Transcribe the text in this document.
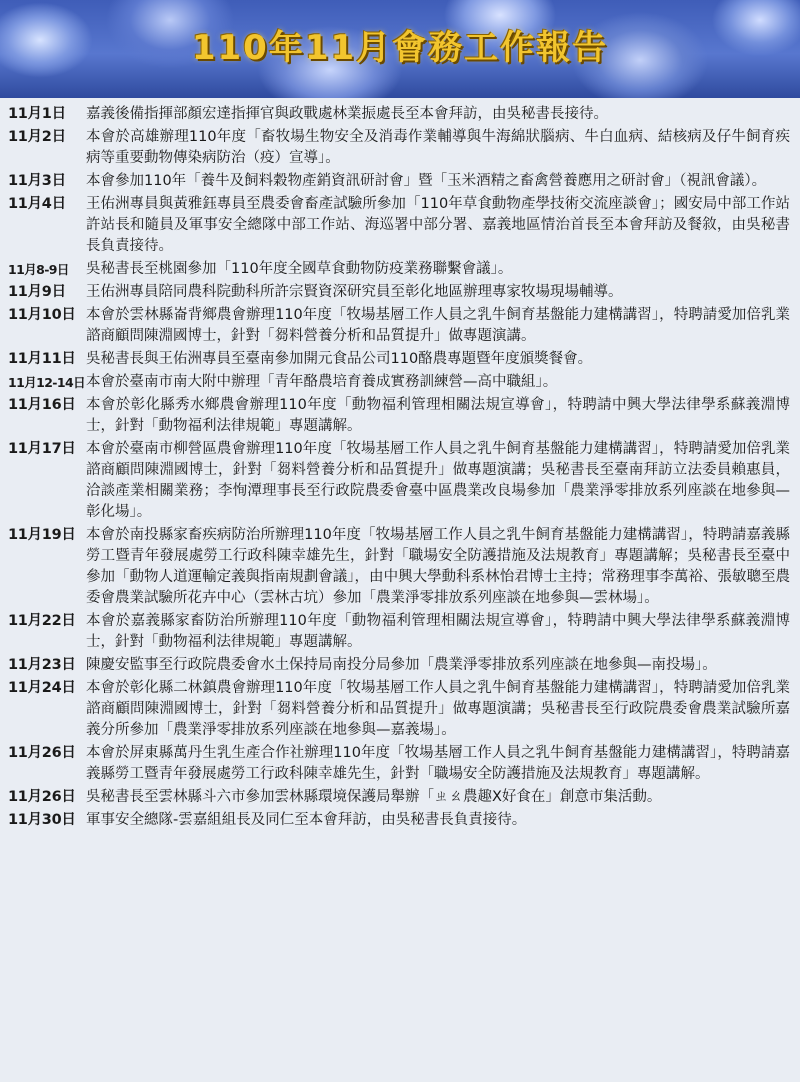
110年11月會務工作報告
11月1日	嘉義後備指揮部顏宏達指揮官與政戰處林業振處長至本會拜訪，由吳秘書長接待。
11月2日	本會於高雄辦理110年度「畜牧場生物安全及消毒作業輔導與牛海綿狀腦病、牛白血病、結核病及仔牛飼育疾病等重要動物傳染病防治（疫）宣導」。
11月3日	本會參加110年「養牛及飼料穀物產銷資訊研討會」暨「玉米酒精之畜禽營養應用之研討會」（視訊會議）。
11月4日	王佑洲專員與黃雅鈺專員至農委會畜產試驗所參加「110年草食動物產學技術交流座談會」；國安局中部工作站許站長和隨員及軍事安全總隊中部工作站、海巡署中部分署、嘉義地區情治首長至本會拜訪及餐敘，由吳秘書長負責接待。
11月8-9日	吳秘書長至桃園參加「110年度全國草食動物防疫業務聯繫會議」。
11月9日	王佑洲專員陪同農科院動科所許宗賢資深研究員至彰化地區辦理專家牧場現場輔導。
11月10日 本會於雲林縣崙背鄉農會辦理110年度「牧場基層工作人員之乳牛飼育基盤能力建構講習」，特聘請愛加倍乳業諮商顧問陳淵國博士，針對「芻料營養分析和品質提升」做專題演講。
11月11日 吳秘書長與王佑洲專員至臺南參加開元食品公司110酪農專題暨年度頒獎餐會。
11月12-14日 本會於臺南市南大附中辦理「青年酪農培育養成實務訓練營—高中職組」。
11月16日 本會於彰化縣秀水鄉農會辦理110年度「動物福利管理相關法規宣導會」，特聘請中興大學法律學系蘇義淵博士，針對「動物福利法律規範」專題講解。
11月17日 本會於臺南市柳營區農會辦理110年度「牧場基層工作人員之乳牛飼育基盤能力建構講習」，特聘請愛加倍乳業諮商顧問陳淵國博士，針對「芻料營養分析和品質提升」做專題演講；吳秘書長至臺南拜訪立法委員賴惠員，洽談產業相關業務；李恂潭理事長至行政院農委會臺中區農業改良場參加「農業淨零排放系列座談在地參與—彰化場」。
11月19日 本會於南投縣家畜疾病防治所辦理110年度「牧場基層工作人員之乳牛飼育基盤能力建構講習」，特聘請嘉義縣勞工暨青年發展處勞工行政科陳幸雄先生，針對「職場安全防護措施及法規教育」專題講解；吳秘書長至臺中參加「動物人道運輸定義與指南規劃會議」，由中興大學動科系林怡君博士主持；常務理事李萬裕、張敏聰至農委會農業試驗所花卉中心（雲林古坑）參加「農業淨零排放系列座談在地參與—雲林場」。
11月22日 本會於嘉義縣家畜防治所辦理110年度「動物福利管理相關法規宣導會」，特聘請中興大學法律學系蘇義淵博士，針對「動物福利法律規範」專題講解。
11月23日 陳慶安監事至行政院農委會水土保持局南投分局參加「農業淨零排放系列座談在地參與—南投場」。
11月24日 本會於彰化縣二林鎮農會辦理110年度「牧場基層工作人員之乳牛飼育基盤能力建構講習」，特聘請愛加倍乳業諮商顧問陳淵國博士，針對「芻料營養分析和品質提升」做專題演講；吳秘書長至行政院農委會農業試驗所嘉義分所參加「農業淨零排放系列座談在地參與—嘉義場」。
11月26日 本會於屏東縣萬丹生乳生產合作社辦理110年度「牧場基層工作人員之乳牛飼育基盤能力建構講習」，特聘請嘉義縣勞工暨青年發展處勞工行政科陳幸雄先生，針對「職場安全防護措施及法規教育」專題講解。
11月26日 吳秘書長至雲林縣斗六市參加雲林縣環境保護局舉辦「ㄓㄠ農趣X好食在」創意市集活動。
11月30日 軍事安全總隊-雲嘉組組長及同仁至本會拜訪，由吳秘書長負責接待。
